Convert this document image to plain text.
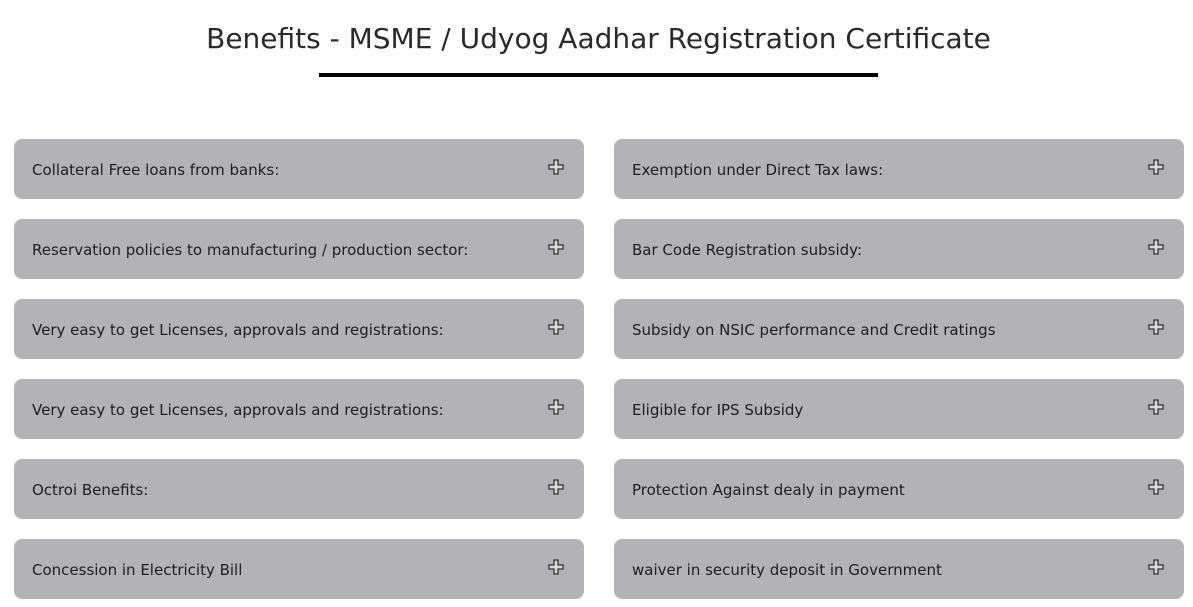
Benefits - MSME / Udyog Aadhar Registration Certificate
Collateral Free loans from banks:	Exemption under Direct Tax laws:
Reservation policies to manufacturing / production sector:	Bar Code Registration subsidy:
Very easy to get Licenses, approvals and registrations:	Subsidy on NSIC performance and Credit ratings
Very easy to get Licenses, approvals and registrations:	Eligible for IPS Subsidy
Octroi Benefits:	Protection Against dealy in payment
Concession in Electricity Bill	waiver in security deposit in Government
